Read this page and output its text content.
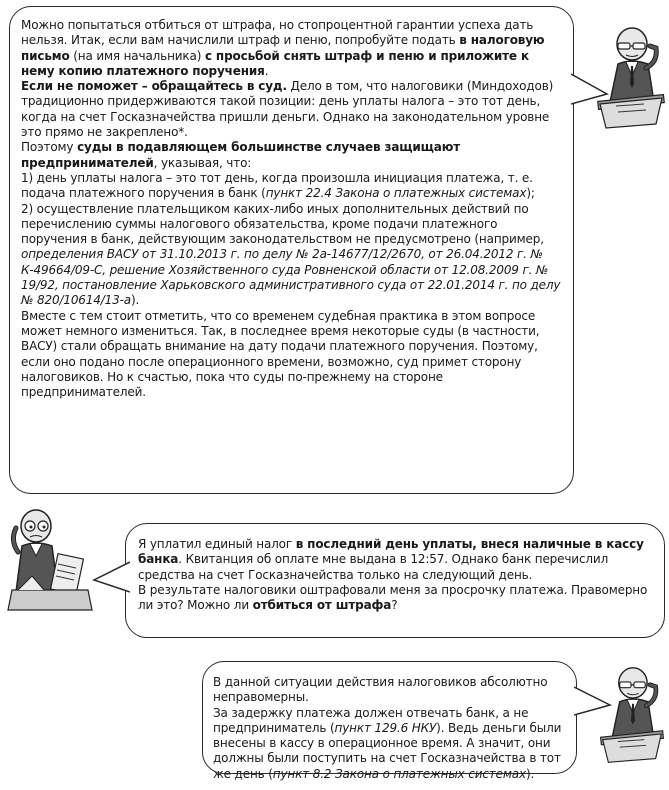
Можно попытаться отбиться от штрафа, но стопроцентной гарантии успеха дать нельзя. Итак, если вам начислили штраф и пеню, попробуйте подать в налоговую письмо (на имя начальника) с просьбой снять штраф и пеню и приложите к нему копию платежного поручения.

Если не поможет – обращайтесь в суд. Дело в том, что налоговики (Миндоходов) традиционно придерживаются такой позиции: день уплаты налога – это тот день, когда на счет Госказначейства пришли деньги. Однако на законодательном уровне это прямо не закреплено*.

Поэтому суды в подавляющем большинстве случаев защищают предпринимателей, указывая, что:

1) день уплаты налога – это тот день, когда произошла инициация платежа, т. е. подача платежного поручения в банк (пункт 22.4 Закона о платежных системах);

2) осуществление плательщиком каких-либо иных дополнительных действий по перечислению суммы налогового обязательства, кроме подачи платежного поручения в банк, действующим законодательством не предусмотрено (например, определения ВАСУ от 31.10.2013 г. по делу № 2а-14677/12/2670, от 26.04.2012 г. № К-49664/09-С, решение Хозяйственного суда Ровненской области от 12.08.2009 г. № 19/92, постановление Харьковского административного суда от 22.01.2014 г. по делу № 820/10614/13-а).

Вместе с тем стоит отметить, что со временем судебная практика в этом вопросе может немного измениться. Так, в последнее время некоторые суды (в частности, ВАСУ) стали обращать внимание на дату подачи платежного поручения. Поэтому, если оно подано после операционного времени, возможно, суд примет сторону налоговиков. Но к счастью, пока что суды по-прежнему на стороне предпринимателей.

Я уплатил единый налог в последний день уплаты, внеся наличные в кассу банка. Квитанция об оплате мне выдана в 12:57. Однако банк перечислил средства на счет Госказначейства только на следующий день.

В результате налоговики оштрафовали меня за просрочку платежа. Правомерно ли это? Можно ли отбиться от штрафа?

В данной ситуации действия налоговиков абсолютно неправомерны.

За задержку платежа должен отвечать банк, а не предприниматель (пункт 129.6 НКУ). Ведь деньги были внесены в кассу в операционное время. А значит, они должны были поступить на счет Госказначейства в тот же день (пункт 8.2 Закона о платежных системах).
